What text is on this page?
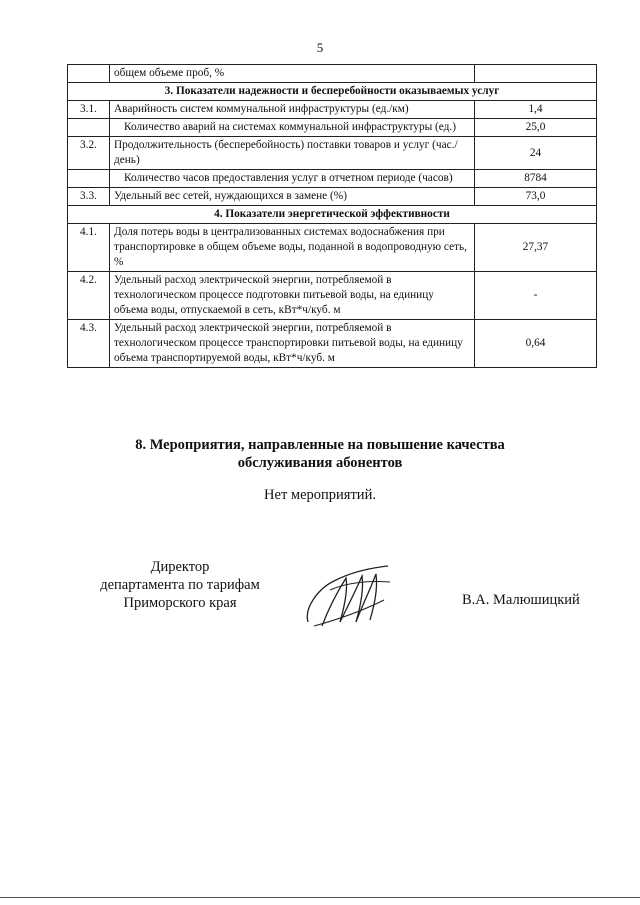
5
	общем объеме проб, %	
3. Показатели надежности и бесперебойности оказываемых услуг		
3.1.	Аварийность систем коммунальной инфраструктуры (ед./км)	1,4
	Количество аварий на системах коммунальной инфраструктуры (ед.)	25,0
3.2.	Продолжительность (бесперебойность) поставки товаров и услуг (час./день)	24
	Количество часов предоставления услуг в отчетном периоде (часов)	8784
3.3.	Удельный вес сетей, нуждающихся в замене (%)	73,0
4. Показатели энергетической эффективности		
4.1.	Доля потерь воды в централизованных системах водоснабжения при транспортировке в общем объеме воды, поданной в водопроводную сеть, %	27,37
4.2.	Удельный расход электрической энергии, потребляемой в технологическом процессе подготовки питьевой воды, на единицу объема воды, отпускаемой в сеть, кВт*ч/куб. м	-
4.3.	Удельный расход электрической энергии, потребляемой в технологическом процессе транспортировки питьевой воды, на единицу объема транспортируемой воды, кВт*ч/куб. м	0,64
8. Мероприятия, направленные на повышение качества
обслуживания абонентов
Нет мероприятий.
Директор
департамента по тарифам
Приморского края	В.А. Малюшицкий
